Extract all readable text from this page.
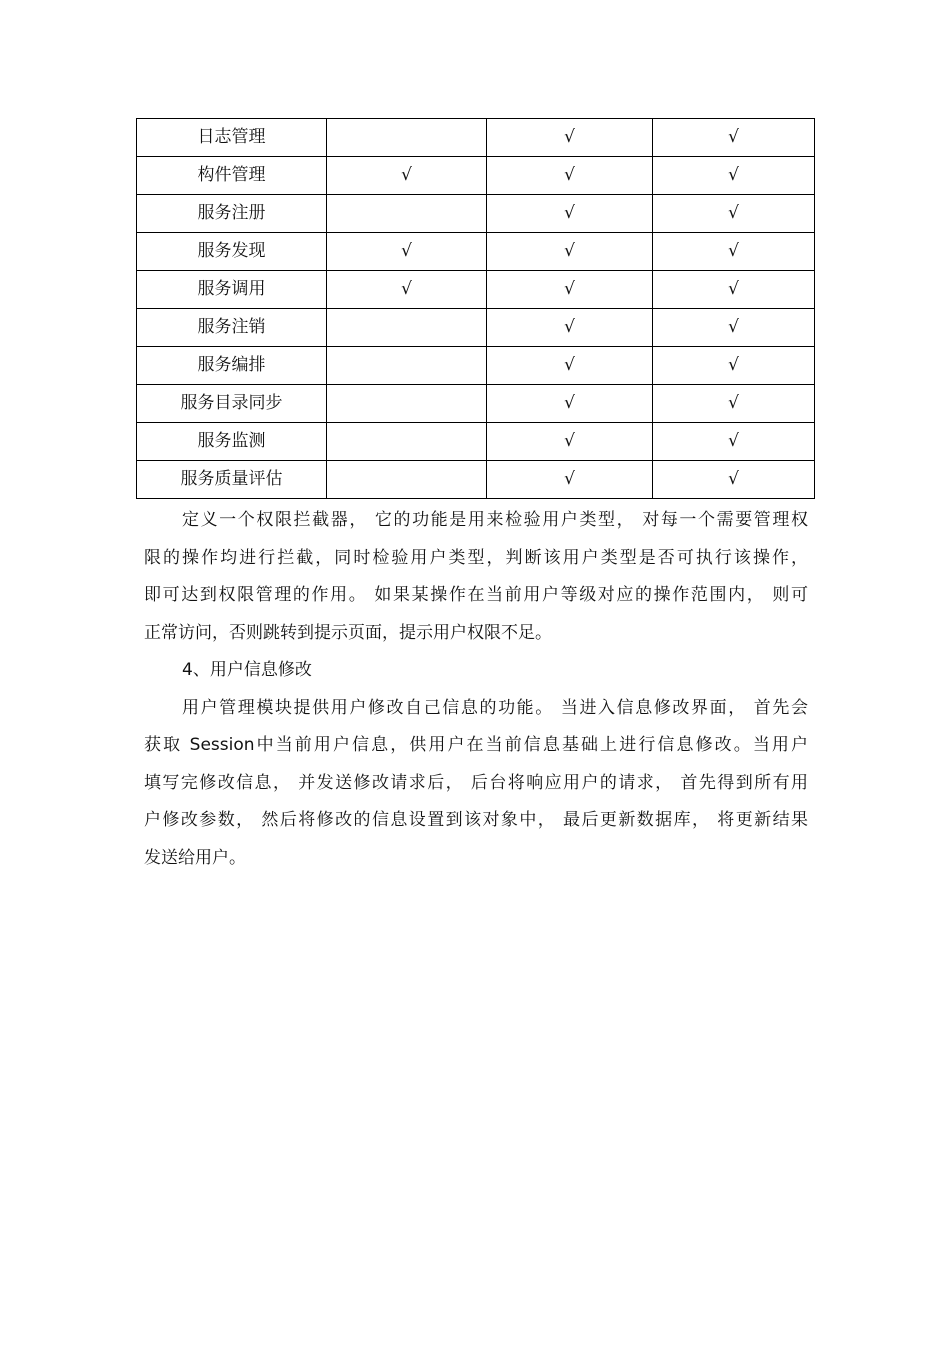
日志管理		√	√
构件管理	√	√	√
服务注册		√	√
服务发现	√	√	√
服务调用	√	√	√
服务注销		√	√
服务编排		√	√
服务目录同步		√	√
服务监测		√	√
服务质量评估		√	√
定义一个权限拦截器， 它的功能是用来检验用户类型， 对每一个需要管理权
限的操作均进行拦截，同时检验用户类型，判断该用户类型是否可执行该操作，
即可达到权限管理的作用。 如果某操作在当前用户等级对应的操作范围内， 则可
正常访问，否则跳转到提示页面，提示用户权限不足。
4、用户信息修改
用户管理模块提供用户修改自己信息的功能。 当进入信息修改界面， 首先会
获取 Session中当前用户信息，供用户在当前信息基础上进行信息修改。当用户
填写完修改信息， 并发送修改请求后， 后台将响应用户的请求， 首先得到所有用
户修改参数， 然后将修改的信息设置到该对象中， 最后更新数据库， 将更新结果
发送给用户。
